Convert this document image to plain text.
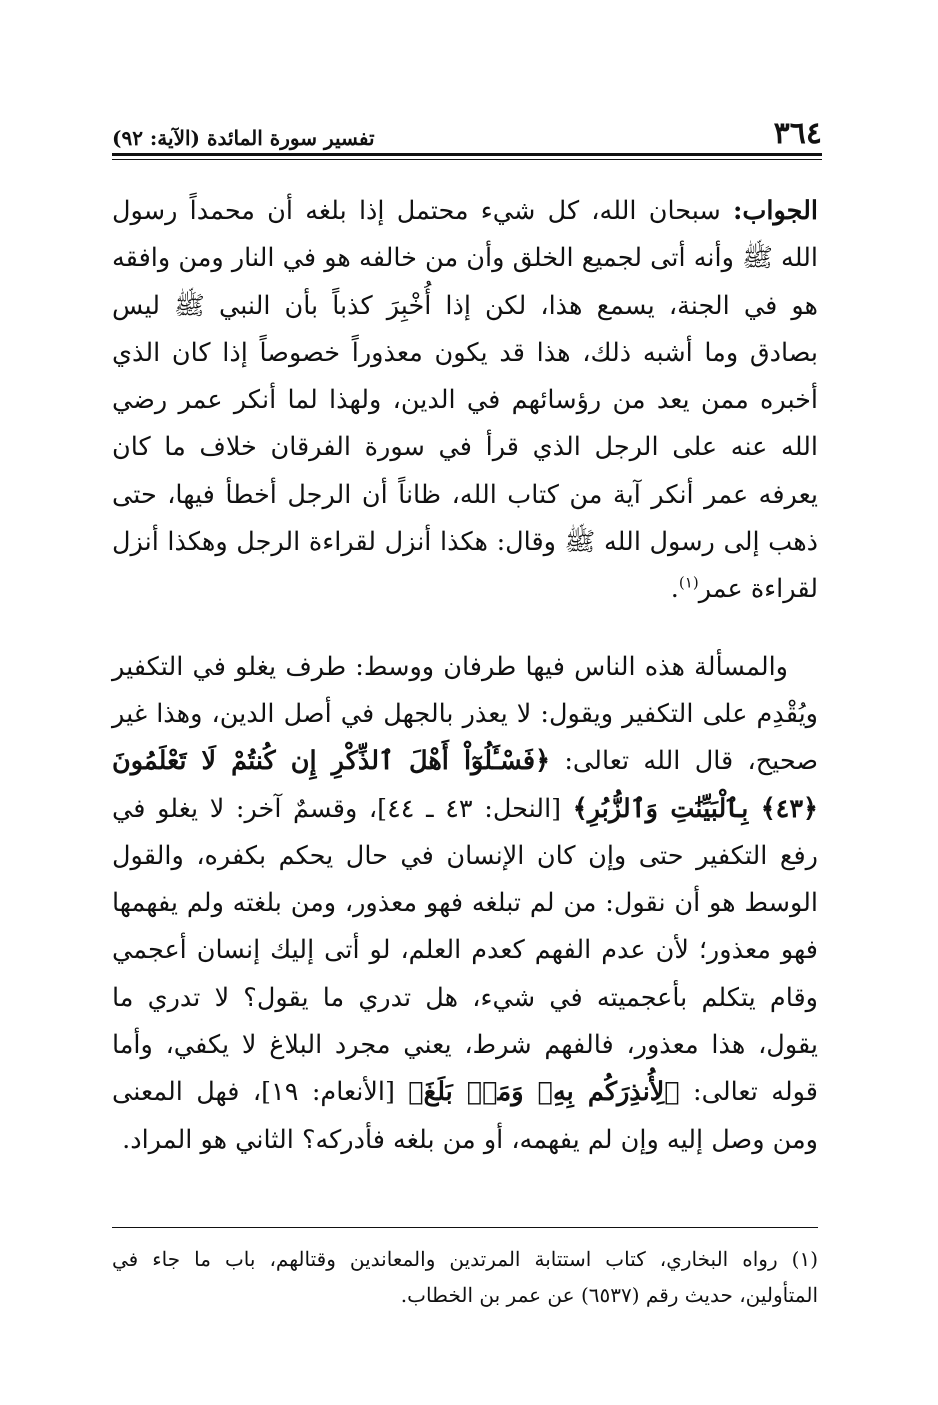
٣٦٤
تفسير سورة المائدة (الآية: ٩٢)

الجواب: سبحان الله، كل شيء محتمل إذا بلغه أن محمداً رسول الله ﷺ وأنه أتى لجميع الخلق وأن من خالفه هو في النار ومن وافقه هو في الجنة، يسمع هذا، لكن إذا أُخْبِرَ كذباً بأن النبي ﷺ ليس بصادق وما أشبه ذلك، هذا قد يكون معذوراً خصوصاً إذا كان الذي أخبره ممن يعد من رؤسائهم في الدين، ولهذا لما أنكر عمر رضي الله عنه على الرجل الذي قرأ في سورة الفرقان خلاف ما كان يعرفه عمر أنكر آية من كتاب الله، ظاناً أن الرجل أخطأ فيها، حتى ذهب إلى رسول الله ﷺ وقال: هكذا أنزل لقراءة الرجل وهكذا أنزل لقراءة عمر$^{(١)}$.

والمسألة هذه الناس فيها طرفان ووسط: طرف يغلو في التكفير ويُقْدِم على التكفير ويقول: لا يعذر بالجهل في أصل الدين، وهذا غير صحيح، قال الله تعالى: ﴿فَسْـَٔلُوٓاْ أَهْلَ ٱلذِّكْرِ إِن كُنتُمْ لَا تَعْلَمُونَ ﴿٤٣﴾ بِٱلْبَيِّنَٰتِ وَٱلزُّبُرِ﴾ [النحل: ٤٣ ـ ٤٤]، وقسمٌ آخر: لا يغلو في رفع التكفير حتى وإن كان الإنسان في حال يحكم بكفره، والقول الوسط هو أن نقول: من لم تبلغه فهو معذور، ومن بلغته ولم يفهمها فهو معذور؛ لأن عدم الفهم كعدم العلم، لو أتى إليك إنسان أعجمي وقام يتكلم بأعجميته في شيء، هل تدري ما يقول؟ لا تدري ما يقول، هذا معذور، فالفهم شرط، يعني مجرد البلاغ لا يكفي، وأما قوله تعالى: ﴿لِأُنذِرَكُم بِهِۦ وَمَنۢ بَلَغَ﴾ [الأنعام: ١٩]، فهل المعنى ومن وصل إليه وإن لم يفهمه، أو من بلغه فأدركه؟ الثاني هو المراد.

(١) رواه البخاري، كتاب استتابة المرتدين والمعاندين وقتالهم، باب ما جاء في المتأولين، حديث رقم (٦٥٣٧) عن عمر بن الخطاب.
